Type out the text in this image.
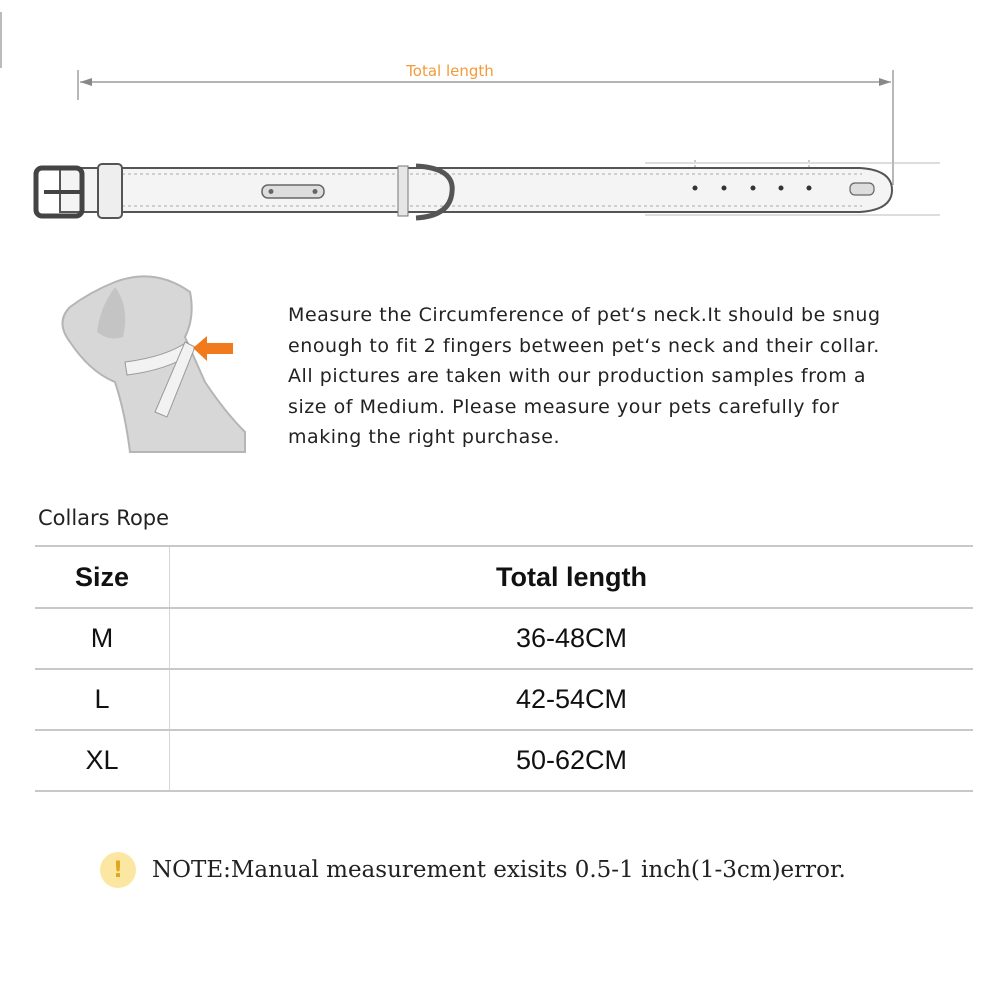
Total length
Measure the Circumference of pet‘s neck.It should be snug
enough to fit 2 fingers between pet‘s neck and their collar.
All pictures are taken with our production samples from a
size of Medium. Please measure your pets carefully for
making the right purchase.
Collars Rope
Size	Total length
M	36-48CM
L	42-54CM
XL	50-62CM
!	NOTE:Manual measurement exisits 0.5-1 inch(1-3cm)error.
